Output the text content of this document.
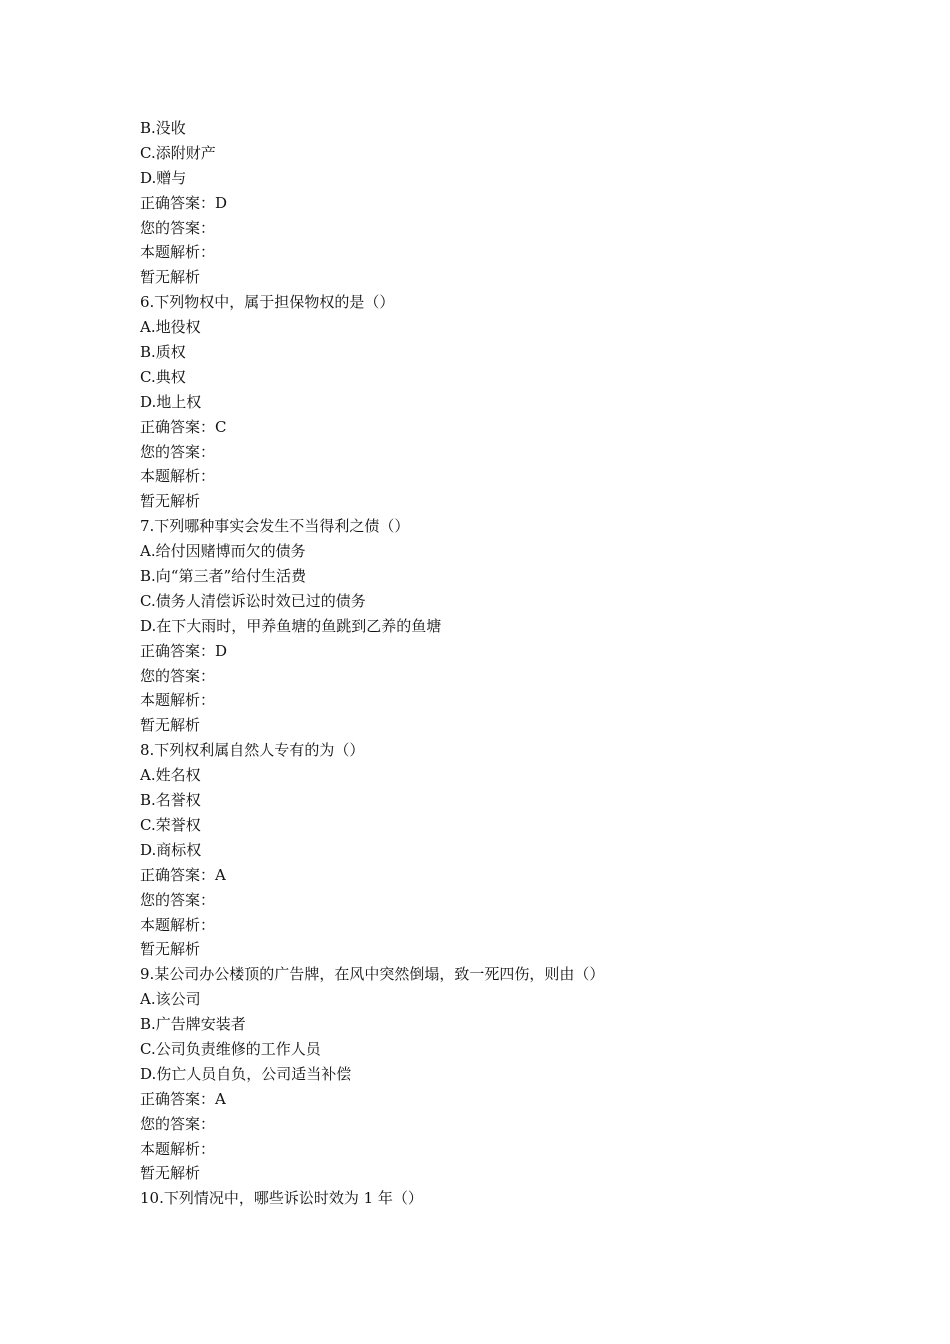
B.没收
C.添附财产
D.赠与
正确答案：D
您的答案：
本题解析：
暂无解析
6.下列物权中，属于担保物权的是（）
A.地役权
B.质权
C.典权
D.地上权
正确答案：C
您的答案：
本题解析：
暂无解析
7.下列哪种事实会发生不当得利之债（）
A.给付因赌博而欠的债务
B.向“第三者”给付生活费
C.债务人清偿诉讼时效已过的债务
D.在下大雨时，甲养鱼塘的鱼跳到乙养的鱼塘
正确答案：D
您的答案：
本题解析：
暂无解析
8.下列权利属自然人专有的为（）
A.姓名权
B.名誉权
C.荣誉权
D.商标权
正确答案：A
您的答案：
本题解析：
暂无解析
9.某公司办公楼顶的广告牌，在风中突然倒塌，致一死四伤，则由（）
A.该公司
B.广告牌安装者
C.公司负责维修的工作人员
D.伤亡人员自负，公司适当补偿
正确答案：A
您的答案：
本题解析：
暂无解析
10.下列情况中，哪些诉讼时效为 1 年（）
